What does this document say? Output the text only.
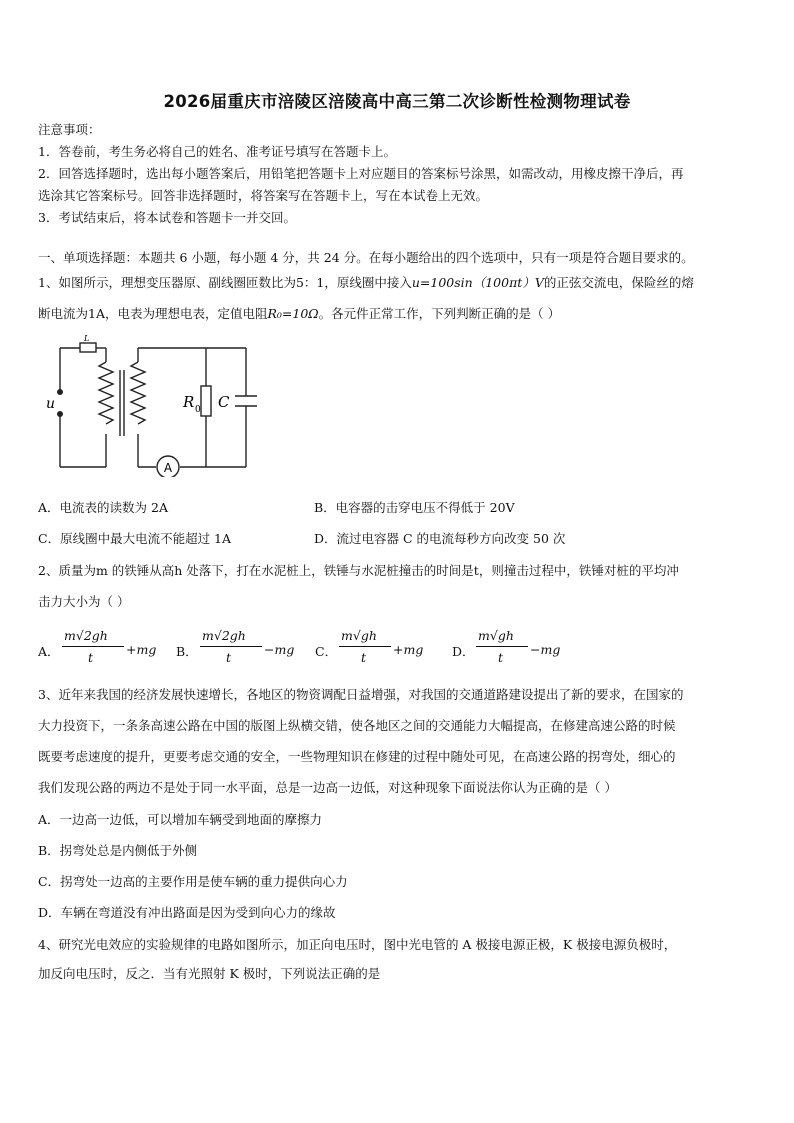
2026届重庆市涪陵区涪陵高中高三第二次诊断性检测物理试卷
注意事项：
1．答卷前，考生务必将自己的姓名、准考证号填写在答题卡上。
2．回答选择题时，选出每小题答案后，用铅笔把答题卡上对应题目的答案标号涂黑，如需改动，用橡皮擦干净后，再
选涂其它答案标号。回答非选择题时，将答案写在答题卡上，写在本试卷上无效。
3．考试结束后，将本试卷和答题卡一并交回。
一、单项选择题：本题共 6 小题，每小题 4 分，共 24 分。在每小题给出的四个选项中，只有一项是符合题目要求的。
1、如图所示，理想变压器原、副线圈匝数比为5：1，原线圈中接入u=100sin（100πt）V的正弦交流电，保险丝的熔
断电流为1A，电表为理想电表，定值电阻R₀=10Ω。各元件正常工作，下列判断正确的是（ ）
A
L
u	R 0 C
A．电流表的读数为 2A	B．电容器的击穿电压不得低于 20V
C．原线圈中最大电流不能超过 1A	D．流过电容器 C 的电流每秒方向改变 50 次
2、质量为m 的铁锤从高h 处落下，打在水泥桩上，铁锤与水泥桩撞击的时间是t，则撞击过程中，铁锤对桩的平均冲
击力大小为（ ）
A．
m√2gh
t
+mg B．
m√2gh
t
−mg C．
m√gh
t
+mg D．
m√gh
t
−mg
3、近年来我国的经济发展快速增长，各地区的物资调配日益增强，对我国的交通道路建设提出了新的要求，在国家的
大力投资下，一条条高速公路在中国的版图上纵横交错，使各地区之间的交通能力大幅提高，在修建高速公路的时候
既要考虑速度的提升，更要考虑交通的安全，一些物理知识在修建的过程中随处可见，在高速公路的拐弯处，细心的
我们发现公路的两边不是处于同一水平面，总是一边高一边低，对这种现象下面说法你认为正确的是（ ）
A．一边高一边低，可以增加车辆受到地面的摩擦力
B．拐弯处总是内侧低于外侧
C．拐弯处一边高的主要作用是使车辆的重力提供向心力
D．车辆在弯道没有冲出路面是因为受到向心力的缘故
4、研究光电效应的实验规律的电路如图所示，加正向电压时，图中光电管的 A 极接电源正极，K 极接电源负极时，
加反向电压时，反之．当有光照射 K 极时，下列说法正确的是
